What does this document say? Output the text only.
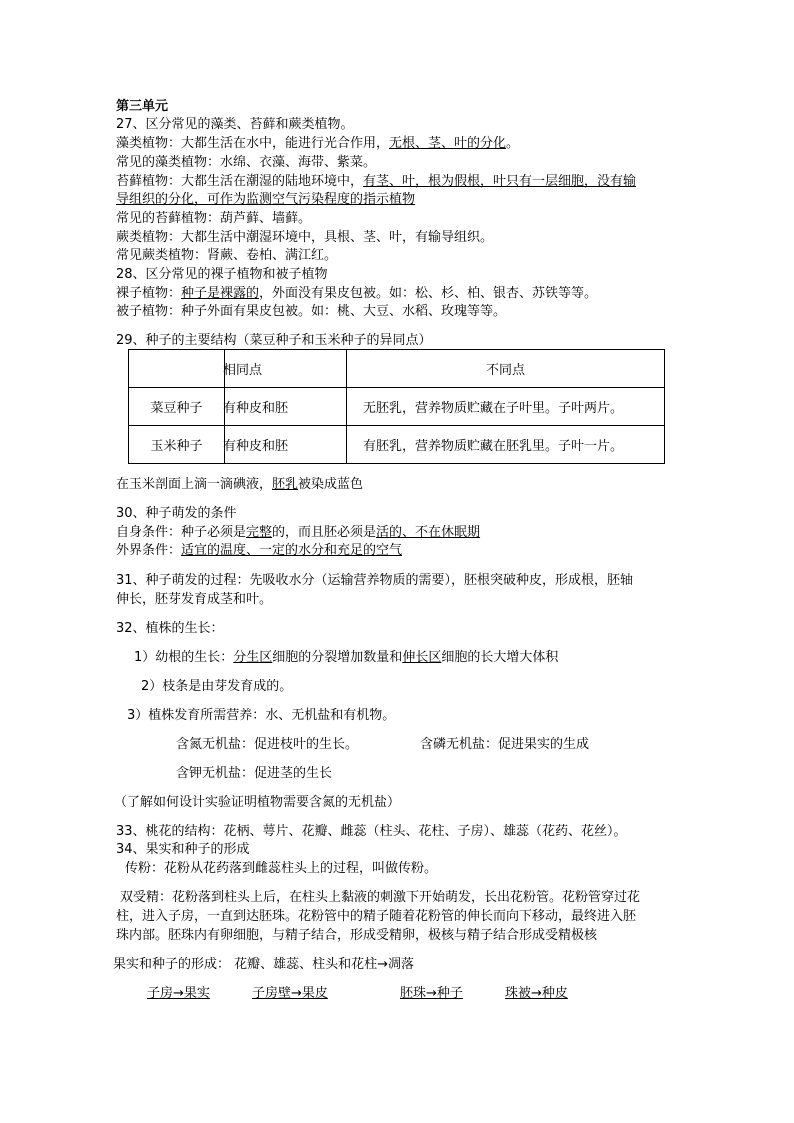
第三单元
27、区分常见的藻类、苔藓和蕨类植物。
藻类植物：大都生活在水中，能进行光合作用，无根、茎、叶的分化。
常见的藻类植物：水绵、衣藻、海带、紫菜。
苔藓植物：大都生活在潮湿的陆地环境中，有茎、叶，根为假根，叶只有一层细胞，没有输
导组织的分化，可作为监测空气污染程度的指示植物
常见的苔藓植物：葫芦藓、墙藓。
蕨类植物：大都生活中潮湿环境中，具根、茎、叶，有输导组织。
常见蕨类植物：肾蕨、卷柏、满江红。
28、区分常见的裸子植物和被子植物
裸子植物：种子是裸露的，外面没有果皮包被。如：松、杉、柏、银杏、苏铁等等。
被子植物：种子外面有果皮包被。如：桃、大豆、水稻、玫瑰等等。
29、种子的主要结构（菜豆种子和玉米种子的异同点）
	相同点	不同点
菜豆种子	有种皮和胚	无胚乳，营养物质贮藏在子叶里。子叶两片。
玉米种子	有种皮和胚	有胚乳，营养物质贮藏在胚乳里。子叶一片。
在玉米剖面上滴一滴碘液，胚乳被染成蓝色
30、种子萌发的条件
自身条件：种子必须是完整的，而且胚必须是活的、不在休眠期
外界条件：适宜的温度、一定的水分和充足的空气
31、种子萌发的过程：先吸收水分（运输营养物质的需要），胚根突破种皮，形成根，胚轴
伸长，胚芽发育成茎和叶。
32、植株的生长：
1）幼根的生长：分生区细胞的分裂增加数量和伸长区细胞的长大增大体积
2）枝条是由芽发育成的。
3）植株发育所需营养：水、无机盐和有机物。
含氮无机盐：促进枝叶的生长。	含磷无机盐：促进果实的生成
含钾无机盐：促进茎的生长
（了解如何设计实验证明植物需要含氮的无机盐）
33、桃花的结构：花柄、萼片、花瓣、雌蕊（柱头、花柱、子房）、雄蕊（花药、花丝）。
34、果实和种子的形成
传粉：花粉从花药落到雌蕊柱头上的过程，叫做传粉。
双受精：花粉落到柱头上后，在柱头上黏液的刺激下开始萌发，长出花粉管。花粉管穿过花
柱，进入子房，一直到达胚珠。花粉管中的精子随着花粉管的伸长而向下移动，最终进入胚
珠内部。胚珠内有卵细胞，与精子结合，形成受精卵，极核与精子结合形成受精极核
果实和种子的形成： 花瓣、雄蕊、柱头和花柱→凋落
子房→果实	子房壁→果皮	胚珠→种子	珠被→种皮
